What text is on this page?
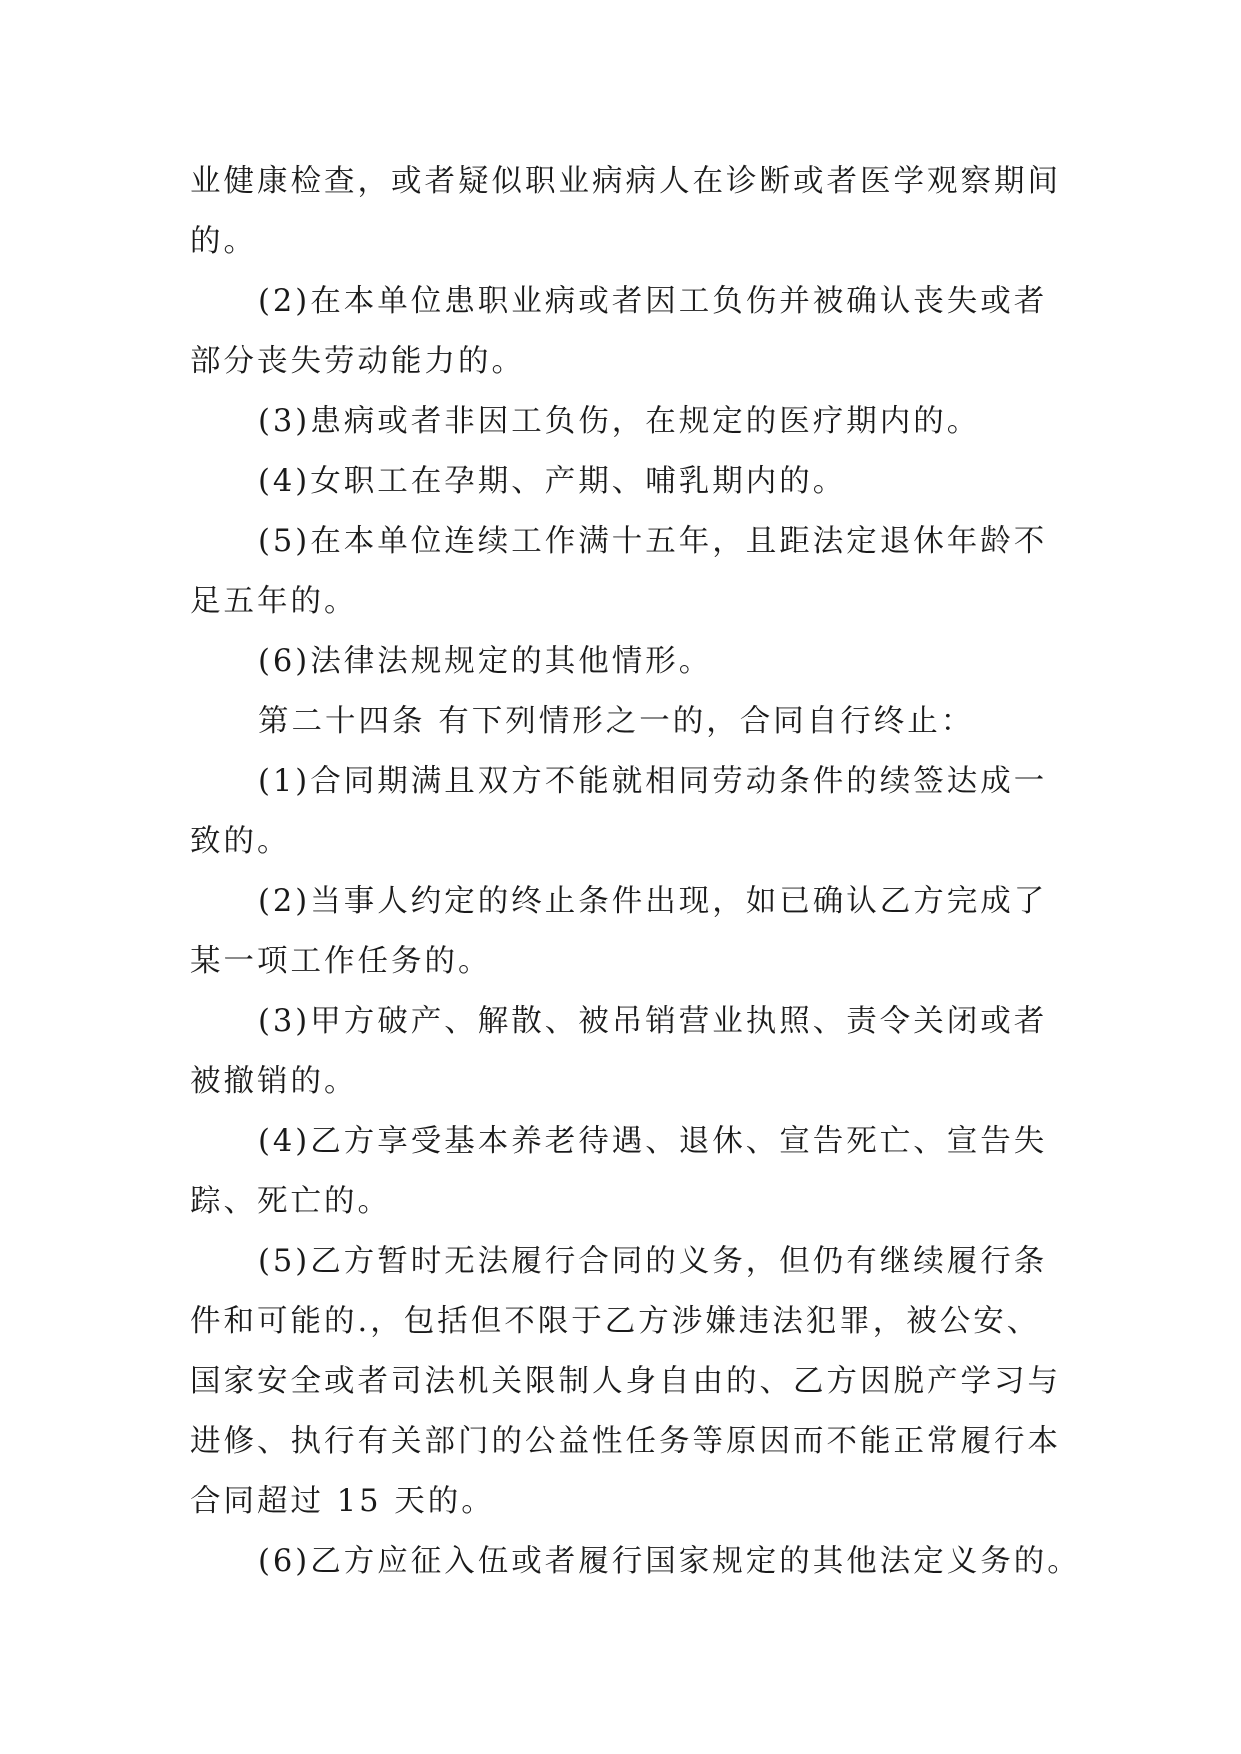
业健康检查，或者疑似职业病病人在诊断或者医学观察期间
的。
(2)在本单位患职业病或者因工负伤并被确认丧失或者
部分丧失劳动能力的。
(3)患病或者非因工负伤，在规定的医疗期内的。
(4)女职工在孕期、产期、哺乳期内的。
(5)在本单位连续工作满十五年，且距法定退休年龄不
足五年的。
(6)法律法规规定的其他情形。
第二十四条 有下列情形之一的，合同自行终止：
(1)合同期满且双方不能就相同劳动条件的续签达成一
致的。
(2)当事人约定的终止条件出现，如已确认乙方完成了
某一项工作任务的。
(3)甲方破产、解散、被吊销营业执照、责令关闭或者
被撤销的。
(4)乙方享受基本养老待遇、退休、宣告死亡、宣告失
踪、死亡的。
(5)乙方暂时无法履行合同的义务，但仍有继续履行条
件和可能的.，包括但不限于乙方涉嫌违法犯罪，被公安、
国家安全或者司法机关限制人身自由的、乙方因脱产学习与
进修、执行有关部门的公益性任务等原因而不能正常履行本
合同超过 15 天的。
(6)乙方应征入伍或者履行国家规定的其他法定义务的。
